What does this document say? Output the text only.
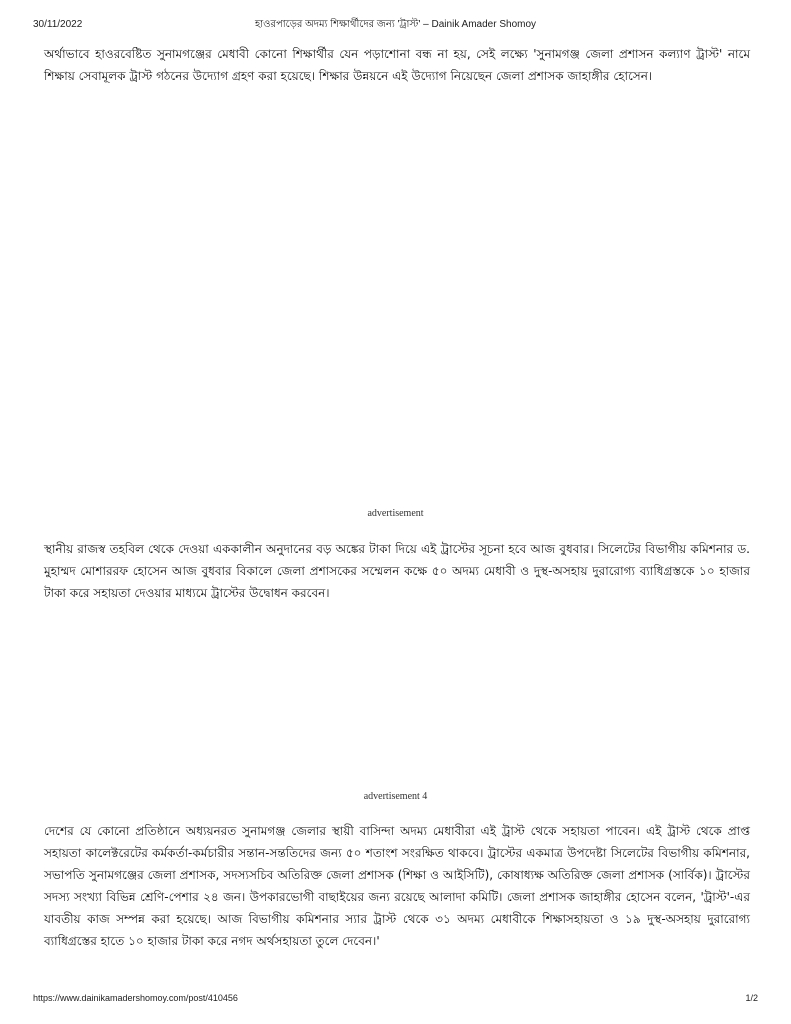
30/11/2022	হাওরপাড়ের অদম্য শিক্ষার্থীদের জন্য 'ট্রাস্ট' – Dainik Amader Shomoy

অর্থাভাবে হাওরবেষ্টিত সুনামগঞ্জের মেধাবী কোনো শিক্ষার্থীর যেন পড়াশোনা বন্ধ না হয়, সেই লক্ষ্যে 'সুনামগঞ্জ জেলা প্রশাসন কল্যাণ ট্রাস্ট' নামে শিক্ষায় সেবামূলক ট্রাস্ট গঠনের উদ্যোগ গ্রহণ করা হয়েছে। শিক্ষার উন্নয়নে এই উদ্যোগ নিয়েছেন জেলা প্রশাসক জাহাঙ্গীর হোসেন।

advertisement

স্থানীয় রাজস্ব তহবিল থেকে দেওয়া এককালীন অনুদানের বড় অঙ্কের টাকা দিয়ে এই ট্রাস্টের সূচনা হবে আজ বুধবার। সিলেটের বিভাগীয় কমিশনার ড. মুহাম্মদ মোশাররফ হোসেন আজ বুধবার বিকালে জেলা প্রশাসকের সম্মেলন কক্ষে ৫০ অদম্য মেধাবী ও দুস্থ-অসহায় দুরারোগ্য ব্যাধিগ্রস্তকে ১০ হাজার টাকা করে সহায়তা দেওয়ার মাধ্যমে ট্রাস্টের উদ্বোধন করবেন।

advertisement 4

দেশের যে কোনো প্রতিষ্ঠানে অধ্যয়নরত সুনামগঞ্জ জেলার স্থায়ী বাসিন্দা অদম্য মেধাবীরা এই ট্রাস্ট থেকে সহায়তা পাবেন। এই ট্রাস্ট থেকে প্রাপ্ত সহায়তা কালেক্টরেটের কর্মকর্তা-কর্মচারীর সন্তান-সন্ততিদের জন্য ৫০ শতাংশ সংরক্ষিত থাকবে। ট্রাস্টের একমাত্র উপদেষ্টা সিলেটের বিভাগীয় কমিশনার, সভাপতি সুনামগঞ্জের জেলা প্রশাসক, সদস্যসচিব অতিরিক্ত জেলা প্রশাসক (শিক্ষা ও আইসিটি), কোষাধ্যক্ষ অতিরিক্ত জেলা প্রশাসক (সার্বিক)। ট্রাস্টের সদস্য সংখ্যা বিভিন্ন শ্রেণি-পেশার ২৪ জন। উপকারভোগী বাছাইয়ের জন্য রয়েছে আলাদা কমিটি। জেলা প্রশাসক জাহাঙ্গীর হোসেন বলেন, 'ট্রাস্ট'-এর যাবতীয় কাজ সম্পন্ন করা হয়েছে। আজ বিভাগীয় কমিশনার স্যার ট্রাস্ট থেকে ৩১ অদম্য মেধাবীকে শিক্ষাসহায়তা ও ১৯ দুস্থ-অসহায় দুরারোগ্য ব্যাধিগ্রস্তের হাতে ১০ হাজার টাকা করে নগদ অর্থসহায়তা তুলে দেবেন।'

https://www.dainikamadershomoy.com/post/410456	1/2
